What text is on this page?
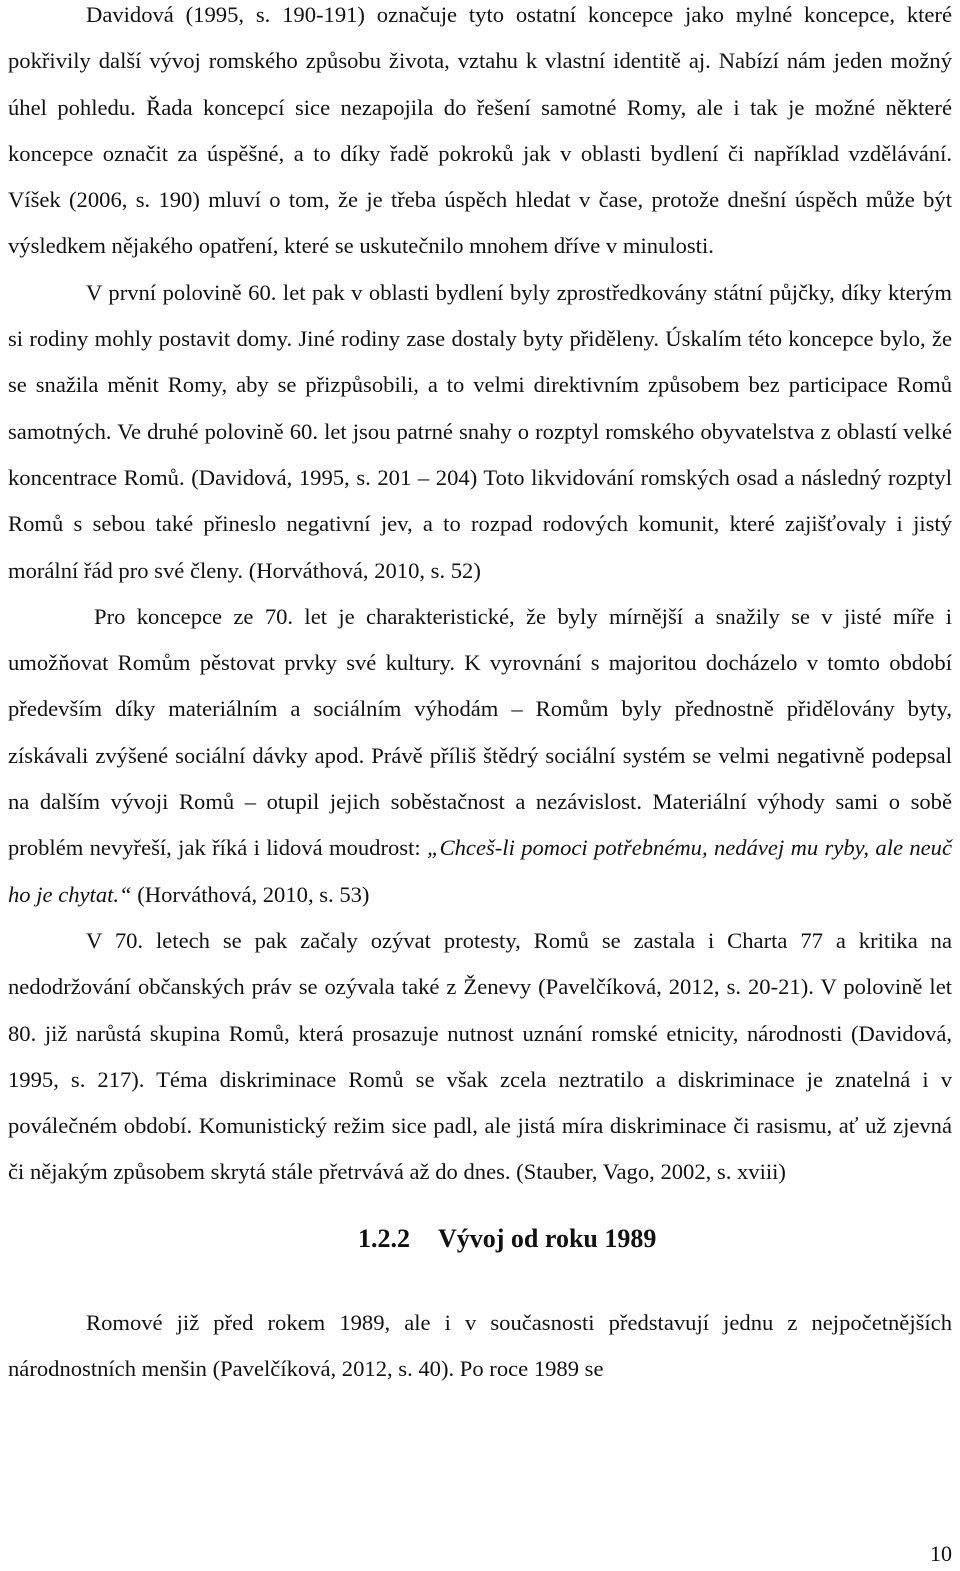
Davidová (1995, s. 190-191) označuje tyto ostatní koncepce jako mylné koncepce, které pokřivily další vývoj romského způsobu života, vztahu k vlastní identitě aj. Nabízí nám jeden možný úhel pohledu. Řada koncepcí sice nezapojila do řešení samotné Romy, ale i tak je možné některé koncepce označit za úspěšné, a to díky řadě pokroků jak v oblasti bydlení či například vzdělávání. Víšek (2006, s. 190) mluví o tom, že je třeba úspěch hledat v čase, protože dnešní úspěch může být výsledkem nějakého opatření, které se uskutečnilo mnohem dříve v minulosti.

V první polovině 60. let pak v oblasti bydlení byly zprostředkovány státní půjčky, díky kterým si rodiny mohly postavit domy. Jiné rodiny zase dostaly byty přiděleny. Úskalím této koncepce bylo, že se snažila měnit Romy, aby se přizpůsobili, a to velmi direktivním způsobem bez participace Romů samotných. Ve druhé polovině 60. let jsou patrné snahy o rozptyl romského obyvatelstva z oblastí velké koncentrace Romů. (Davidová, 1995, s. 201 – 204) Toto likvidování romských osad a následný rozptyl Romů s sebou také přineslo negativní jev, a to rozpad rodových komunit, které zajišťovaly i jistý morální řád pro své členy. (Horváthová, 2010, s. 52)

Pro koncepce ze 70. let je charakteristické, že byly mírnější a snažily se v jisté míře i umožňovat Romům pěstovat prvky své kultury. K vyrovnání s majoritou docházelo v tomto období především díky materiálním a sociálním výhodám – Romům byly přednostně přidělovány byty, získávali zvýšené sociální dávky apod. Právě příliš štědrý sociální systém se velmi negativně podepsal na dalším vývoji Romů – otupil jejich soběstačnost a nezávislost. Materiální výhody sami o sobě problém nevyřeší, jak říká i lidová moudrost: „Chceš-li pomoci potřebnému, nedávej mu ryby, ale neuč ho je chytat.“ (Horváthová, 2010, s. 53)

V 70. letech se pak začaly ozývat protesty, Romů se zastala i Charta 77 a kritika na nedodržování občanských práv se ozývala také z Ženevy (Pavelčíková, 2012, s. 20-21). V polovině let 80. již narůstá skupina Romů, která prosazuje nutnost uznání romské etnicity, národnosti (Davidová, 1995, s. 217). Téma diskriminace Romů se však zcela neztratilo a diskriminace je znatelná i v poválečném období. Komunistický režim sice padl, ale jistá míra diskriminace či rasismu, ať už zjevná či nějakým způsobem skrytá stále přetrvává až do dnes. (Stauber, Vago, 2002, s. xviii)

1.2.2 Vývoj od roku 1989

Romové již před rokem 1989, ale i v současnosti představují jednu z nejpočetnějších národnostních menšin (Pavelčíková, 2012, s. 40). Po roce 1989 se

10
